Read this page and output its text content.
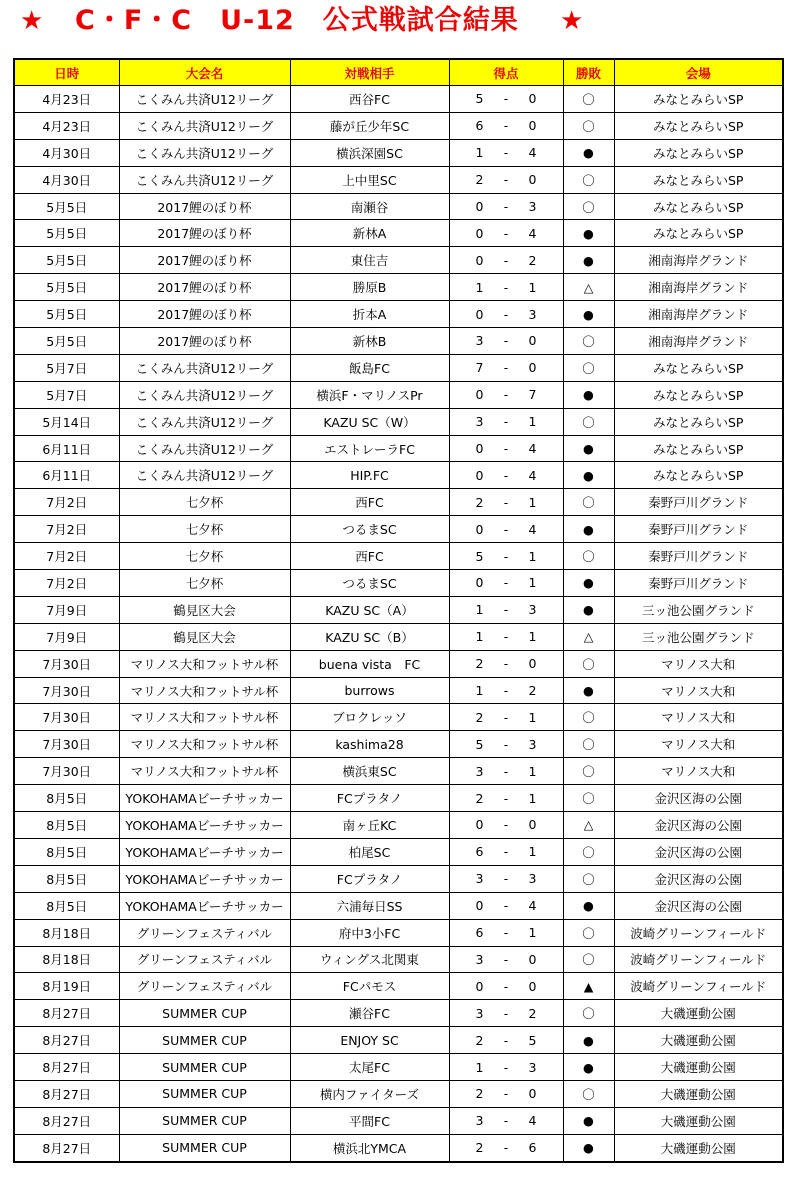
★ C・F・C　U-12　公式戦試合結果 ★
日時	大会名	対戦相手	得点	勝敗	会場
4月23日	こくみん共済U12リーグ	西谷FC	5 - 0	〇	みなとみらいSP
4月23日	こくみん共済U12リーグ	藤が丘少年SC	6 - 0	〇	みなとみらいSP
4月30日	こくみん共済U12リーグ	横浜深園SC	1 - 4	●	みなとみらいSP
4月30日	こくみん共済U12リーグ	上中里SC	2 - 0	〇	みなとみらいSP
5月5日	2017鯉のぼり杯	南瀬谷	0 - 3	〇	みなとみらいSP
5月5日	2017鯉のぼり杯	新林A	0 - 4	●	みなとみらいSP
5月5日	2017鯉のぼり杯	東住吉	0 - 2	●	湘南海岸グランド
5月5日	2017鯉のぼり杯	勝原B	1 - 1	△	湘南海岸グランド
5月5日	2017鯉のぼり杯	折本A	0 - 3	●	湘南海岸グランド
5月5日	2017鯉のぼり杯	新林B	3 - 0	〇	湘南海岸グランド
5月7日	こくみん共済U12リーグ	飯島FC	7 - 0	〇	みなとみらいSP
5月7日	こくみん共済U12リーグ	横浜F・マリノスPr	0 - 7	●	みなとみらいSP
5月14日	こくみん共済U12リーグ	KAZU SC（W）	3 - 1	〇	みなとみらいSP
6月11日	こくみん共済U12リーグ	エストレーラFC	0 - 4	●	みなとみらいSP
6月11日	こくみん共済U12リーグ	HIP.FC	0 - 4	●	みなとみらいSP
7月2日	七夕杯	西FC	2 - 1	〇	秦野戸川グランド
7月2日	七夕杯	つるまSC	0 - 4	●	秦野戸川グランド
7月2日	七夕杯	西FC	5 - 1	〇	秦野戸川グランド
7月2日	七夕杯	つるまSC	0 - 1	●	秦野戸川グランド
7月9日	鶴見区大会	KAZU SC（A）	1 - 3	●	三ッ池公園グランド
7月9日	鶴見区大会	KAZU SC（B）	1 - 1	△	三ッ池公園グランド
7月30日	マリノス大和フットサル杯	buena vista　FC	2 - 0	〇	マリノス大和
7月30日	マリノス大和フットサル杯	burrows	1 - 2	●	マリノス大和
7月30日	マリノス大和フットサル杯	ブロクレッソ	2 - 1	〇	マリノス大和
7月30日	マリノス大和フットサル杯	kashima28	5 - 3	〇	マリノス大和
7月30日	マリノス大和フットサル杯	横浜東SC	3 - 1	〇	マリノス大和
8月5日	YOKOHAMAビーチサッカー	FCプラタノ	2 - 1	〇	金沢区海の公園
8月5日	YOKOHAMAビーチサッカー	南ヶ丘KC	0 - 0	△	金沢区海の公園
8月5日	YOKOHAMAビーチサッカー	柏尾SC	6 - 1	〇	金沢区海の公園
8月5日	YOKOHAMAビーチサッカー	FCプラタノ	3 - 3	〇	金沢区海の公園
8月5日	YOKOHAMAビーチサッカー	六浦毎日SS	0 - 4	●	金沢区海の公園
8月18日	グリーンフェスティバル	府中3小FC	6 - 1	〇	波崎グリーンフィールド
8月18日	グリーンフェスティバル	ウィングス北関東	3 - 0	〇	波崎グリーンフィールド
8月19日	グリーンフェスティバル	FCパモス	0 - 0	▲	波崎グリーンフィールド
8月27日	SUMMER CUP	瀬谷FC	3 - 2	〇	大磯運動公園
8月27日	SUMMER CUP	ENJOY SC	2 - 5	●	大磯運動公園
8月27日	SUMMER CUP	太尾FC	1 - 3	●	大磯運動公園
8月27日	SUMMER CUP	横内ファイターズ	2 - 0	〇	大磯運動公園
8月27日	SUMMER CUP	平間FC	3 - 4	●	大磯運動公園
8月27日	SUMMER CUP	横浜北YMCA	2 - 6	●	大磯運動公園
